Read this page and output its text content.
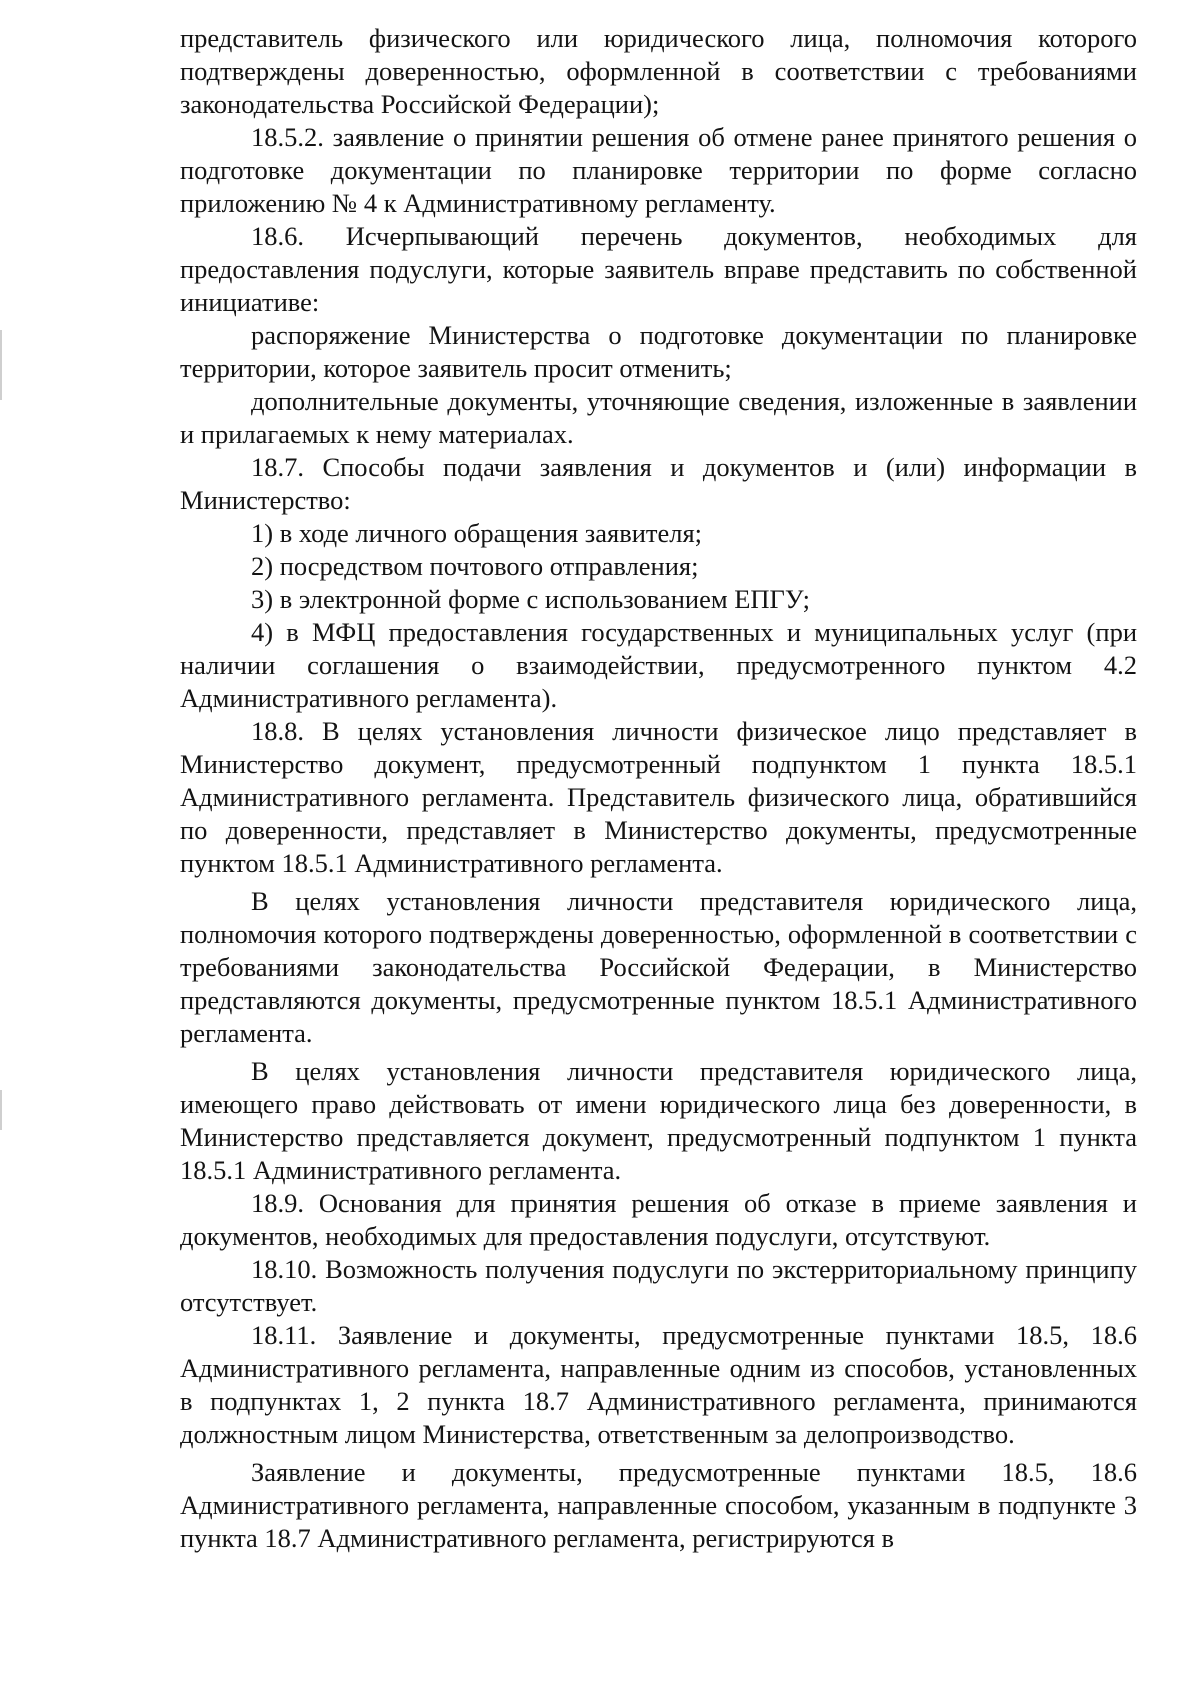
представитель физического или юридического лица, полномочия которого подтверждены доверенностью, оформленной в соответствии с требованиями законодательства Российской Федерации);

18.5.2. заявление о принятии решения об отмене ранее принятого решения о подготовке документации по планировке территории по форме согласно приложению № 4 к Административному регламенту.

18.6. Исчерпывающий перечень документов, необходимых для предоставления подуслуги, которые заявитель вправе представить по собственной инициативе:

распоряжение Министерства о подготовке документации по планировке территории, которое заявитель просит отменить;

дополнительные документы, уточняющие сведения, изложенные в заявлении и прилагаемых к нему материалах.

18.7. Способы подачи заявления и документов и (или) информации в Министерство:

1) в ходе личного обращения заявителя;

2) посредством почтового отправления;

3) в электронной форме с использованием ЕПГУ;

4) в МФЦ предоставления государственных и муниципальных услуг (при наличии соглашения о взаимодействии, предусмотренного пунктом 4.2 Административного регламента).

18.8. В целях установления личности физическое лицо представляет в Министерство документ, предусмотренный подпунктом 1 пункта 18.5.1 Административного регламента. Представитель физического лица, обратившийся по доверенности, представляет в Министерство документы, предусмотренные пунктом 18.5.1 Административного регламента.

В целях установления личности представителя юридического лица, полномочия которого подтверждены доверенностью, оформленной в соответствии с требованиями законодательства Российской Федерации, в Министерство представляются документы, предусмотренные пунктом 18.5.1 Административного регламента.

В целях установления личности представителя юридического лица, имеющего право действовать от имени юридического лица без доверенности, в Министерство представляется документ, предусмотренный подпунктом 1 пункта 18.5.1 Административного регламента.

18.9. Основания для принятия решения об отказе в приеме заявления и документов, необходимых для предоставления подуслуги, отсутствуют.

18.10. Возможность получения подуслуги по экстерриториальному принципу отсутствует.

18.11. Заявление и документы, предусмотренные пунктами 18.5, 18.6 Административного регламента, направленные одним из способов, установленных в подпунктах 1, 2 пункта 18.7 Административного регламента, принимаются должностным лицом Министерства, ответственным за делопроизводство.

Заявление и документы, предусмотренные пунктами 18.5, 18.6 Административного регламента, направленные способом, указанным в подпункте 3 пункта 18.7 Административного регламента, регистрируются в
